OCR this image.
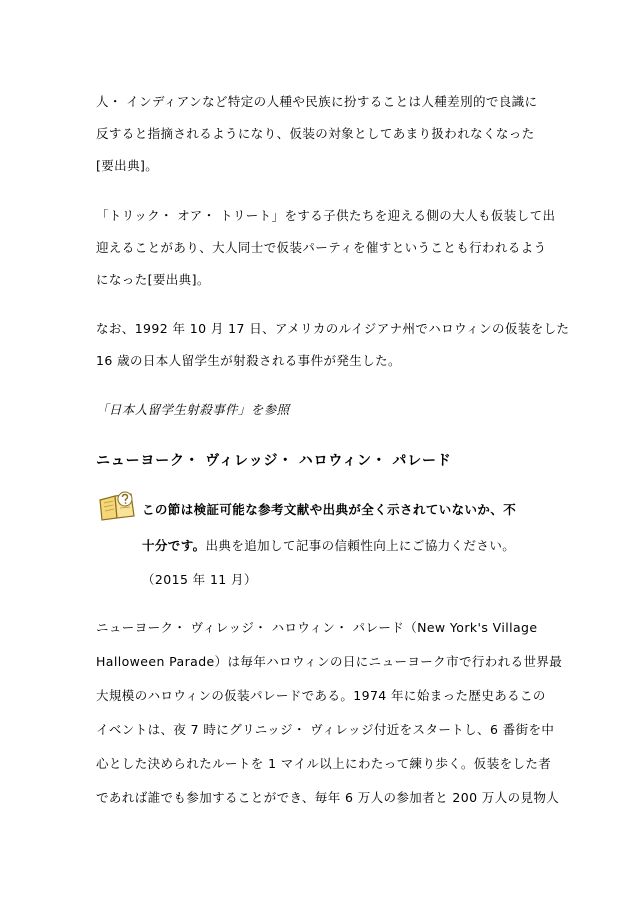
人・ インディアンなど特定の人種や民族に扮することは人種差別的で良識に
反すると指摘されるようになり、仮装の対象としてあまり扱われなくなった
[要出典]。
「トリック・ オア・ トリート」をする子供たちを迎える側の大人も仮装して出
迎えることがあり、大人同士で仮装パーティを催すということも行われるよう
になった[要出典]。
なお、1992 年 10 月 17 日、アメリカのルイジアナ州でハロウィンの仮装をした
16 歳の日本人留学生が射殺される事件が発生した。
「日本人留学生射殺事件」を参照
ニューヨーク・ ヴィレッジ・ ハロウィン・ パレード
この節は検証可能な参考文献や出典が全く示されていないか、不
十分です。出典を追加して記事の信頼性向上にご協力ください。
（2015 年 11 月）
ニューヨーク・ ヴィレッジ・ ハロウィン・ パレード（New York's Village
Halloween Parade）は毎年ハロウィンの日にニューヨーク市で行われる世界最
大規模のハロウィンの仮装パレードである。1974 年に始まった歴史あるこの
イベントは、夜 7 時にグリニッジ・ ヴィレッジ付近をスタートし、6 番街を中
心とした決められたルートを 1 マイル以上にわたって練り歩く。仮装をした者
であれば誰でも参加することができ、毎年 6 万人の参加者と 200 万人の見物人
